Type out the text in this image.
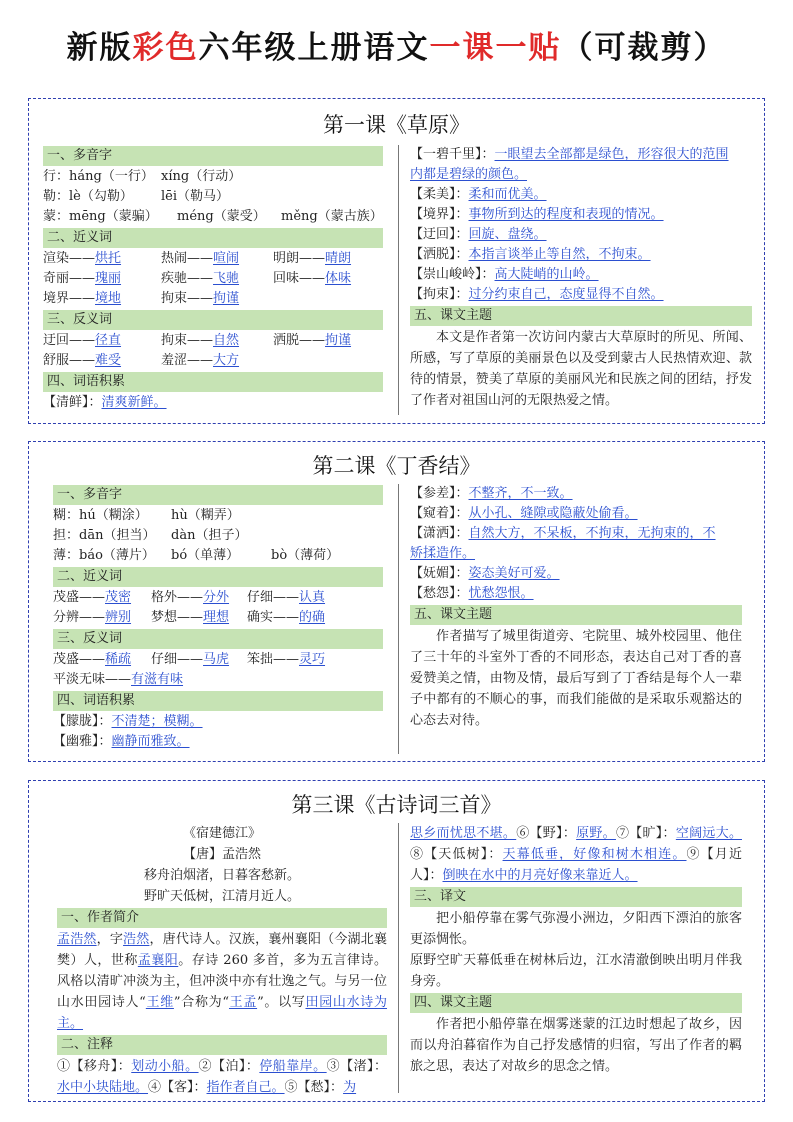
新版彩色六年级上册语文一课一贴（可裁剪）
第一课《草原》
一、多音字
行：háng（一行） xíng（行动）
勒：lè（勾勒） lēi（勒马）
蒙：mēng（蒙骗） méng（蒙受） měng（蒙古族）
二、近义词
渲染——烘托	热闹——喧闹	明朗——晴朗
奇丽——瑰丽	疾驰——飞驰	回味——体味
境界——境地	拘束——拘谨
三、反义词
迂回——径直	拘束——自然	洒脱——拘谨
舒服——难受	羞涩——大方
四、词语积累
【清鲜】：清爽新鲜。
【一碧千里】：一眼望去全部都是绿色，形容很大的范围
内都是碧绿的颜色。
【柔美】：柔和而优美。
【境界】：事物所到达的程度和表现的情况。
【迂回】：回旋、盘绕。
【洒脱】：本指言谈举止等自然，不拘束。
【崇山峻岭】：高大陡峭的山岭。
【拘束】：过分约束自己，态度显得不自然。
五、课文主题
本文是作者第一次访问内蒙古大草原时的所见、所闻、所感，写了草原的美丽景色以及受到蒙古人民热情欢迎、款待的情景，赞美了草原的美丽风光和民族之间的团结，抒发了作者对祖国山河的无限热爱之情。
第二课《丁香结》
一、多音字
糊：hú（糊涂） hù（糊弄）
担：dān（担当） dàn（担子）
薄：báo（薄片） bó（单薄） bò（薄荷）
二、近义词
茂盛——茂密 格外——分外 仔细——认真
分辨——辨别 梦想——理想 确实——的确
三、反义词
茂盛——稀疏 仔细——马虎 笨拙——灵巧
平淡无味——有滋有味
四、词语积累
【朦胧】：不清楚；模糊。
【幽雅】：幽静而雅致。
【参差】：不整齐，不一致。
【窥着】：从小孔、缝隙或隐蔽处偷看。
【潇洒】：自然大方，不呆板，不拘束，无拘束的，不
矫揉造作。
【妩媚】：姿态美好可爱。
【愁怨】：忧愁怨恨。
五、课文主题
作者描写了城里街道旁、宅院里、城外校园里、他住了三十年的斗室外丁香的不同形态，表达自己对丁香的喜爱赞美之情，由物及情，最后写到了丁香结是每个人一辈子中都有的不顺心的事，而我们能做的是采取乐观豁达的心态去对待。
第三课《古诗词三首》
《宿建德江》
【唐】孟浩然
移舟泊烟渚，日暮客愁新。
野旷天低树，江清月近人。
一、作者简介
孟浩然，字浩然，唐代诗人。汉族，襄州襄阳（今湖北襄樊）人，世称孟襄阳。存诗 260 多首，多为五言律诗。风格以清旷冲淡为主，但冲淡中亦有壮逸之气。与另一位山水田园诗人“王维”合称为“王孟”。以写田园山水诗为主。
二、注释
①【移舟】：划动小船。②【泊】：停船靠岸。③【渚】：水中小块陆地。④【客】：指作者自己。⑤【愁】：为
思乡而忧思不堪。⑥【野】：原野。⑦【旷】：空阔远大。⑧【天低树】：天幕低垂，好像和树木相连。⑨【月近人】：倒映在水中的月亮好像来靠近人。
三、译文
把小船停靠在雾气弥漫小洲边，夕阳西下漂泊的旅客更添惆怅。
原野空旷天幕低垂在树林后边，江水清澈倒映出明月伴我身旁。
四、课文主题
作者把小船停靠在烟雾迷蒙的江边时想起了故乡，因而以舟泊暮宿作为自己抒发感情的归宿，写出了作者的羁旅之思，表达了对故乡的思念之情。
